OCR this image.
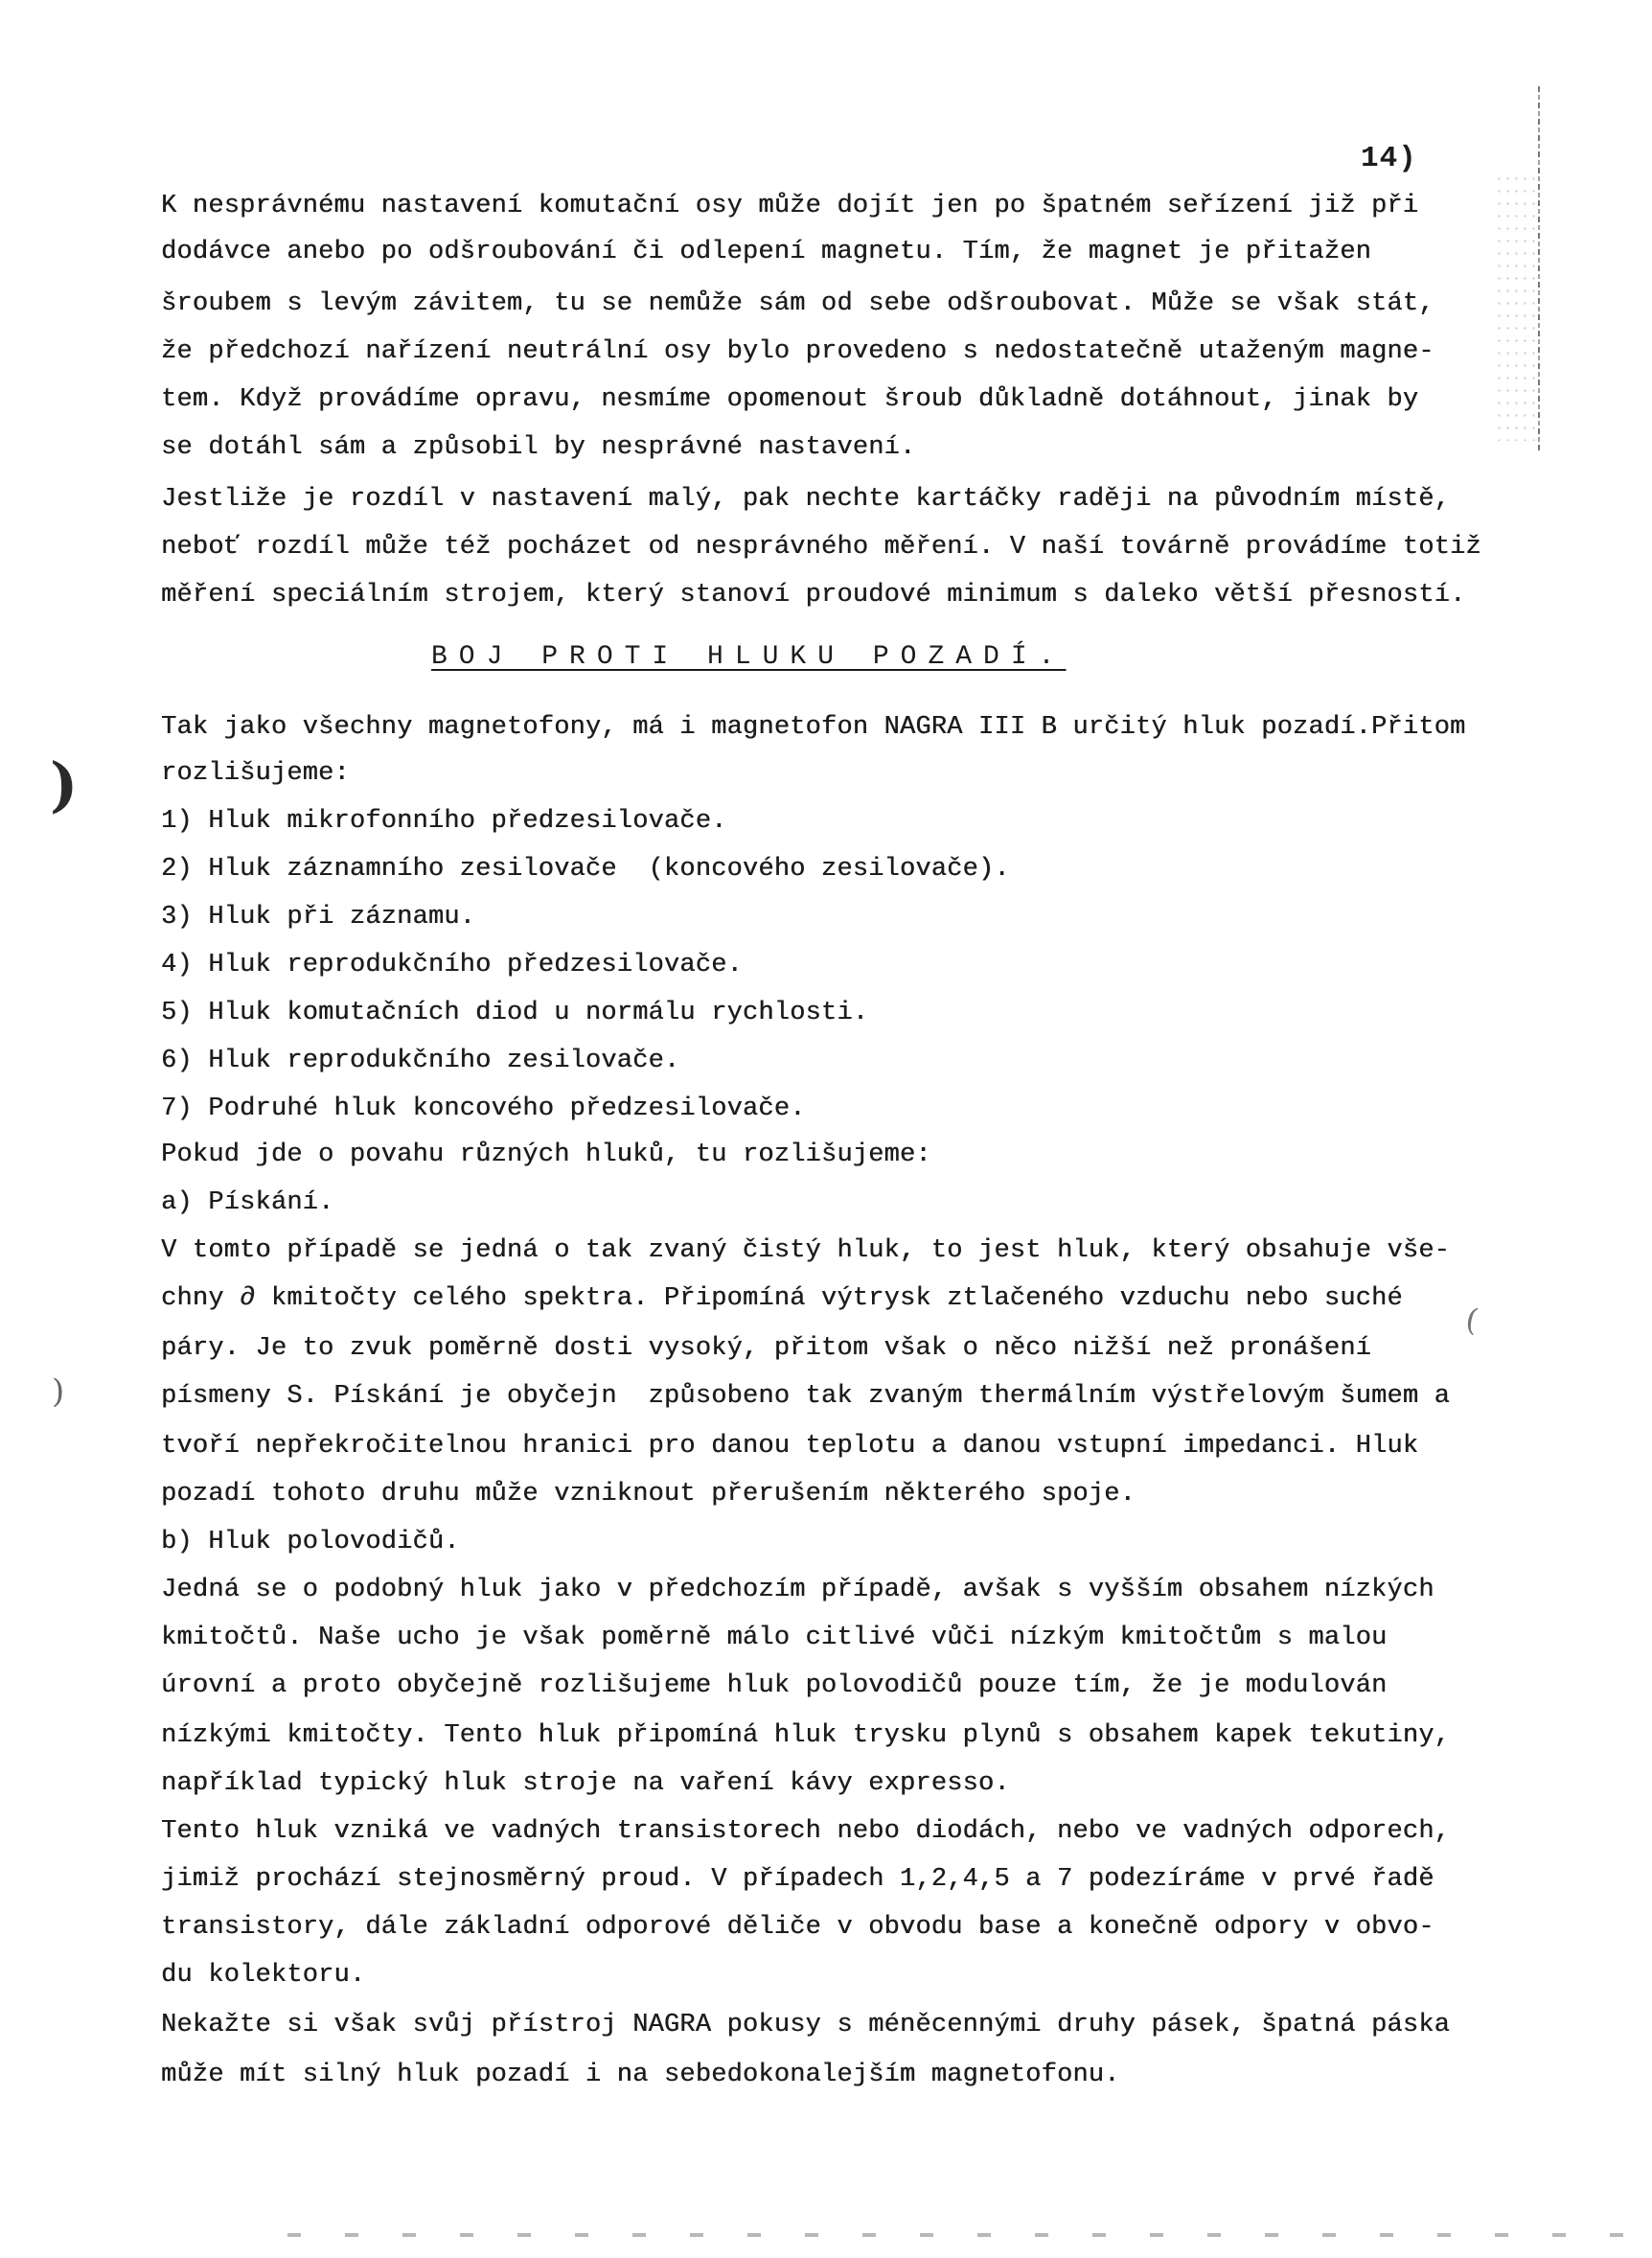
14)
K nesprávnému nastavení komutační osy může dojít jen po špatném seřízení již při
dodávce anebo po odšroubování či odlepení magnetu. Tím, že magnet je přitažen
šroubem s levým závitem, tu se nemůže sám od sebe odšroubovat. Může se však stát,
že předchozí nařízení neutrální osy bylo provedeno s nedostatečně utaženým magne-
tem. Když provádíme opravu, nesmíme opomenout šroub důkladně dotáhnout, jinak by
se dotáhl sám a způsobil by nesprávné nastavení.
Jestliže je rozdíl v nastavení malý, pak nechte kartáčky raději na původním místě,
neboť rozdíl může též pocházet od nesprávného měření. V naší továrně provádíme totiž
měření speciálním strojem, který stanoví proudové minimum s daleko větší přesností.
BOJ PROTI HLUKU POZADÍ.
Tak jako všechny magnetofony, má i magnetofon NAGRA III B určitý hluk pozadí.Přitom
rozlišujeme:
1) Hluk mikrofonního předzesilovače.
2) Hluk záznamního zesilovače  (koncového zesilovače).
3) Hluk při záznamu.
4) Hluk reprodukčního předzesilovače.
5) Hluk komutačních diod u normálu rychlosti.
6) Hluk reprodukčního zesilovače.
7) Podruhé hluk koncového předzesilovače.
Pokud jde o povahu různých hluků, tu rozlišujeme:
a) Pískání.
V tomto případě se jedná o tak zvaný čistý hluk, to jest hluk, který obsahuje vše-
chny ∂ kmitočty celého spektra. Připomíná výtrysk ztlačeného vzduchu nebo suché
páry. Je to zvuk poměrně dosti vysoký, přitom však o něco nižší než pronášení
písmeny S. Pískání je obyčejn  způsobeno tak zvaným thermálním výstřelovým šumem a
tvoří nepřekročitelnou hranici pro danou teplotu a danou vstupní impedanci. Hluk
pozadí tohoto druhu může vzniknout přerušením některého spoje.
b) Hluk polovodičů.
Jedná se o podobný hluk jako v předchozím případě, avšak s vyšším obsahem nízkých
kmitočtů. Naše ucho je však poměrně málo citlivé vůči nízkým kmitočtům s malou
úrovní a proto obyčejně rozlišujeme hluk polovodičů pouze tím, že je modulován
nízkými kmitočty. Tento hluk připomíná hluk trysku plynů s obsahem kapek tekutiny,
například typický hluk stroje na vaření kávy expresso.
Tento hluk vzniká ve vadných transistorech nebo diodách, nebo ve vadných odporech,
jimiž prochází stejnosměrný proud. V případech 1,2,4,5 a 7 podezíráme v prvé řadě
transistory, dále základní odporové děliče v obvodu base a konečně odpory v obvo-
du kolektoru.
Nekažte si však svůj přístroj NAGRA pokusy s méněcennými druhy pásek, špatná páska
může mít silný hluk pozadí i na sebedokonalejším magnetofonu.
)
)
(
